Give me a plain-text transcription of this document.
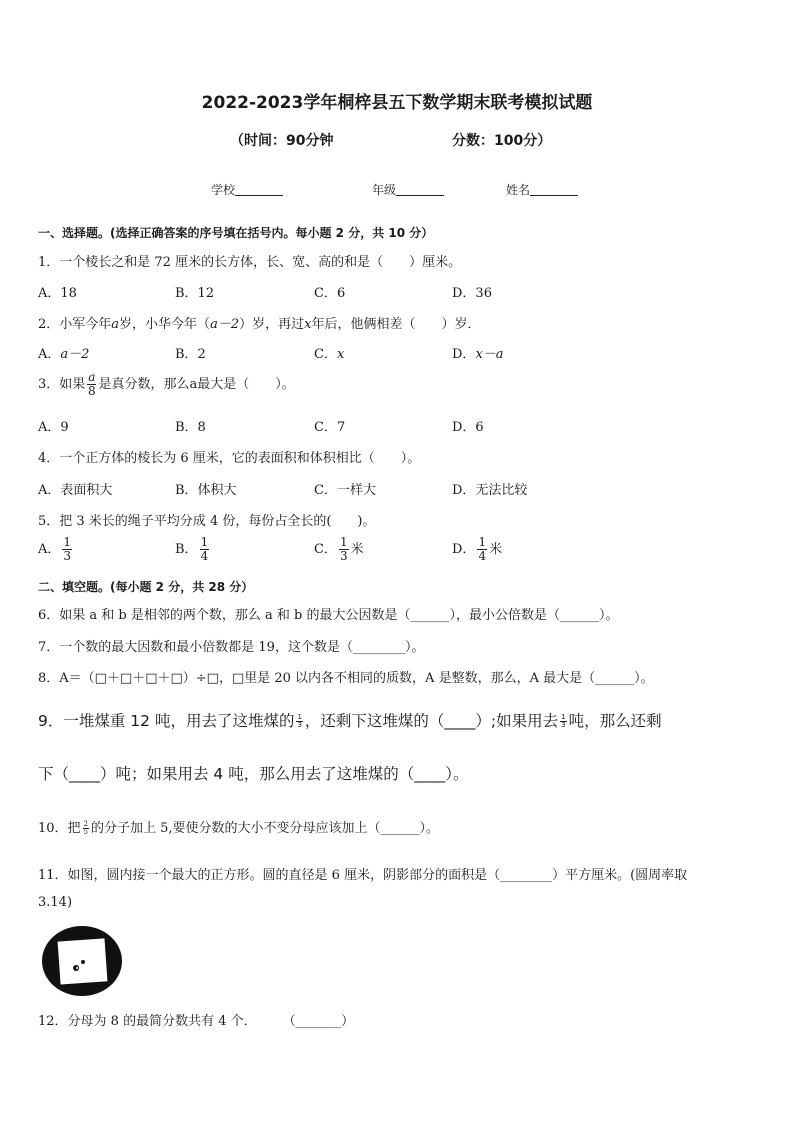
2022-2023学年桐梓县五下数学期末联考模拟试题
（时间：90分钟	分数：100分）
学校	年级	姓名
一、选择题。(选择正确答案的序号填在括号内。每小题 2 分，共 10 分）
1．一个棱长之和是 72 厘米的长方体，长、宽、高的和是（　　）厘米。
A．18	B．12	C．6	D．36
2．小军今年a岁，小华今年（a－2）岁，再过x年后，他俩相差（　　）岁．
A．a－2	B．2	C．x	D．x－a
3．如果 $\frac{a}{8}$ 是真分数，那么a最大是（　　）。
A．9	B．8	C．7	D．6
4．一个正方体的棱长为 6 厘米，它的表面积和体积相比（　　）。
A．表面积大	B．体积大	C．一样大	D．无法比较
5．把 3 米长的绳子平均分成 4 份，每份占全长的(　　)。
A． $\frac{1}{3}$	B． $\frac{1}{4}$	C． $\frac{1}{3}$ 米	D． $\frac{1}{4}$ 米
二、填空题。(每小题 2 分，共 28 分）
6．如果 a 和 b 是相邻的两个数，那么 a 和 b 的最大公因数是（______），最小公倍数是（______）。
7．一个数的最大因数和最小倍数都是 19，这个数是（________）。
8．A＝（□＋□＋□＋□）÷□，□里是 20 以内各不相同的质数，A 是整数，那么，A 最大是（______）。
9．一堆煤重 12 吨，用去了这堆煤的 $\frac{1}{3}$ ，还剩下这堆煤的（____）;如果用去 $\frac{1}{3}$ 吨，那么还剩
下（____）吨；如果用去 4 吨，那么用去了这堆煤的（____）。
10．把 $\frac{2}{5}$ 的分子加上 5,要使分数的大小不变分母应该加上（______）。
11．如图，圆内接一个最大的正方形。圆的直径是 6 厘米，阴影部分的面积是（________）平方厘米。(圆周率取
3.14)
12．分母为 8 的最简分数共有 4 个．　　　（_______）
